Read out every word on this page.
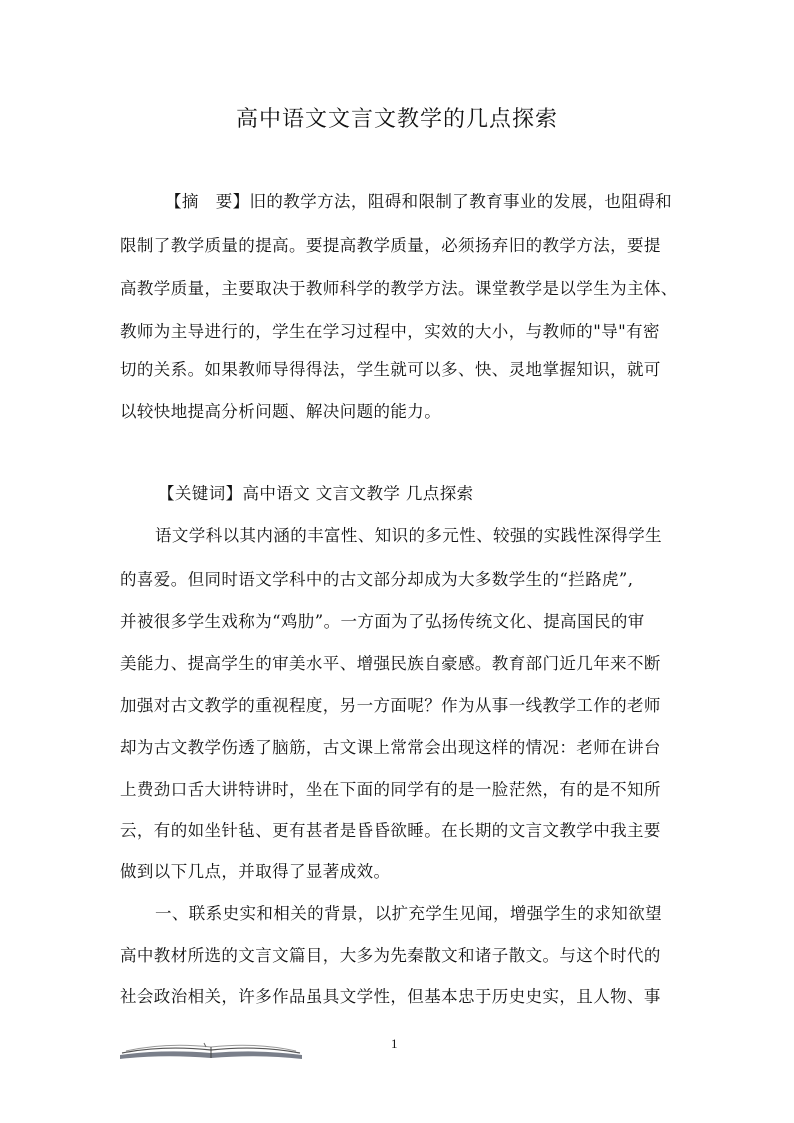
高中语文文言文教学的几点探索
【摘　要】旧的教学方法，阻碍和限制了教育事业的发展，也阻碍和
限制了教学质量的提高。要提高教学质量，必须扬弃旧的教学方法，要提
高教学质量，主要取决于教师科学的教学方法。课堂教学是以学生为主体、
教师为主导进行的，学生在学习过程中，实效的大小，与教师的"导"有密
切的关系。如果教师导得得法，学生就可以多、快、灵地掌握知识，就可
以较快地提高分析问题、解决问题的能力。
【关键词】高中语文 文言文教学 几点探索
语文学科以其内涵的丰富性、知识的多元性、较强的实践性深得学生
的喜爱。但同时语文学科中的古文部分却成为大多数学生的“拦路虎”,
并被很多学生戏称为“鸡肋”。一方面为了弘扬传统文化、提高国民的审
美能力、提高学生的审美水平、增强民族自豪感。教育部门近几年来不断
加强对古文教学的重视程度，另一方面呢？作为从事一线教学工作的老师
却为古文教学伤透了脑筋，古文课上常常会出现这样的情况：老师在讲台
上费劲口舌大讲特讲时，坐在下面的同学有的是一脸茫然，有的是不知所
云，有的如坐针毡、更有甚者是昏昏欲睡。在长期的文言文教学中我主要
做到以下几点，并取得了显著成效。
一、联系史实和相关的背景，以扩充学生见闻，增强学生的求知欲望
高中教材所选的文言文篇目，大多为先秦散文和诸子散文。与这个时代的
社会政治相关，许多作品虽具文学性，但基本忠于历史史实，且人物、事
1
